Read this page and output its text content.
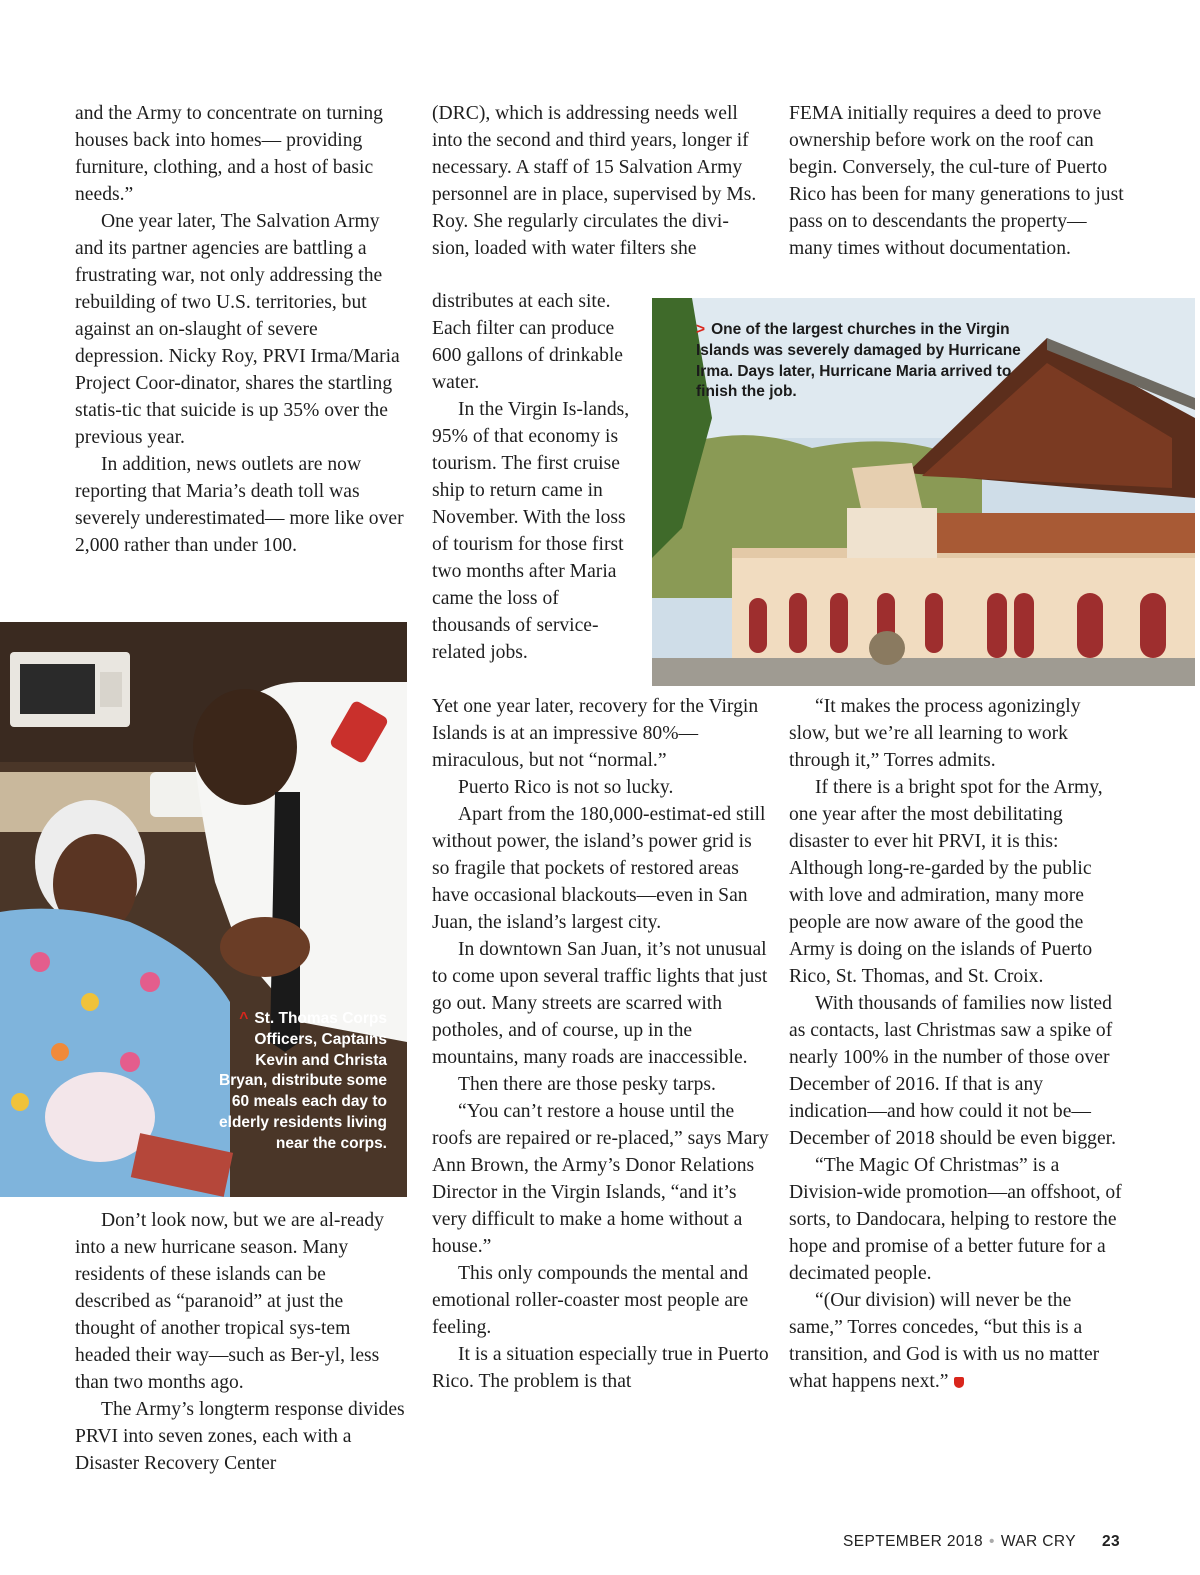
and the Army to concentrate on turning houses back into homes— providing furniture, clothing, and a host of basic needs.”

One year later, The Salvation Army and its partner agencies are battling a frustrating war, not only addressing the rebuilding of two U.S. territories, but against an on-slaught of severe depression. Nicky Roy, PRVI Irma/Maria Project Coor-dinator, shares the startling statis-tic that suicide is up 35% over the previous year.

In addition, news outlets are now reporting that Maria’s death toll was severely underestimated— more like over 2,000 rather than under 100.

^ St. Thomas Corps Officers, Captains Kevin and Christa Bryan, distribute some 60 meals each day to elderly residents living near the corps.

Don’t look now, but we are al-ready into a new hurricane season. Many residents of these islands can be described as “paranoid” at just the thought of another tropical sys-tem headed their way—such as Ber-yl, less than two months ago.

The Army’s longterm response divides PRVI into seven zones, each with a Disaster Recovery Center

(DRC), which is addressing needs well into the second and third years, longer if necessary. A staff of 15 Salvation Army personnel are in place, supervised by Ms. Roy. She regularly circulates the divi-sion, loaded with water filters she

distributes at each site. Each filter can produce 600 gallons of drinkable water.

In the Virgin Is-lands, 95% of that economy is tourism. The first cruise ship to return came in November. With the loss of tourism for those first two months after Maria came the loss of thousands of service-related jobs.

Yet one year later, recovery for the Virgin Islands is at an impressive 80%—miraculous, but not “normal.”

Puerto Rico is not so lucky.

Apart from the 180,000-estimat-ed still without power, the island’s power grid is so fragile that pockets of restored areas have occasional blackouts—even in San Juan, the island’s largest city.

In downtown San Juan, it’s not unusual to come upon several traffic lights that just go out. Many streets are scarred with potholes, and of course, up in the mountains, many roads are inaccessible.

Then there are those pesky tarps.

“You can’t restore a house until the roofs are repaired or re-placed,” says Mary Ann Brown, the Army’s Donor Relations Director in the Virgin Islands, “and it’s very difficult to make a home without a house.”

This only compounds the mental and emotional roller-coaster most people are feeling.

It is a situation especially true in Puerto Rico. The problem is that

> One of the largest churches in the Virgin Islands was severely damaged by Hurricane Irma. Days later, Hurricane Maria arrived to finish the job.

FEMA initially requires a deed to prove ownership before work on the roof can begin. Conversely, the cul-ture of Puerto Rico has been for many generations to just pass on to descendants the property—many times without documentation.

“It makes the process agonizingly slow, but we’re all learning to work through it,” Torres admits.

If there is a bright spot for the Army, one year after the most debilitating disaster to ever hit PRVI, it is this: Although long-re-garded by the public with love and admiration, many more people are now aware of the good the Army is doing on the islands of Puerto Rico, St. Thomas, and St. Croix.

With thousands of families now listed as contacts, last Christmas saw a spike of nearly 100% in the number of those over December of 2016. If that is any indication—and how could it not be—December of 2018 should be even bigger.

“The Magic Of Christmas” is a Division-wide promotion—an offshoot, of sorts, to Dandocara, helping to restore the hope and promise of a better future for a decimated people.

“(Our division) will never be the same,” Torres concedes, “but this is a transition, and God is with us no matter what happens next.”

SEPTEMBER 2018 • WAR CRY 23
